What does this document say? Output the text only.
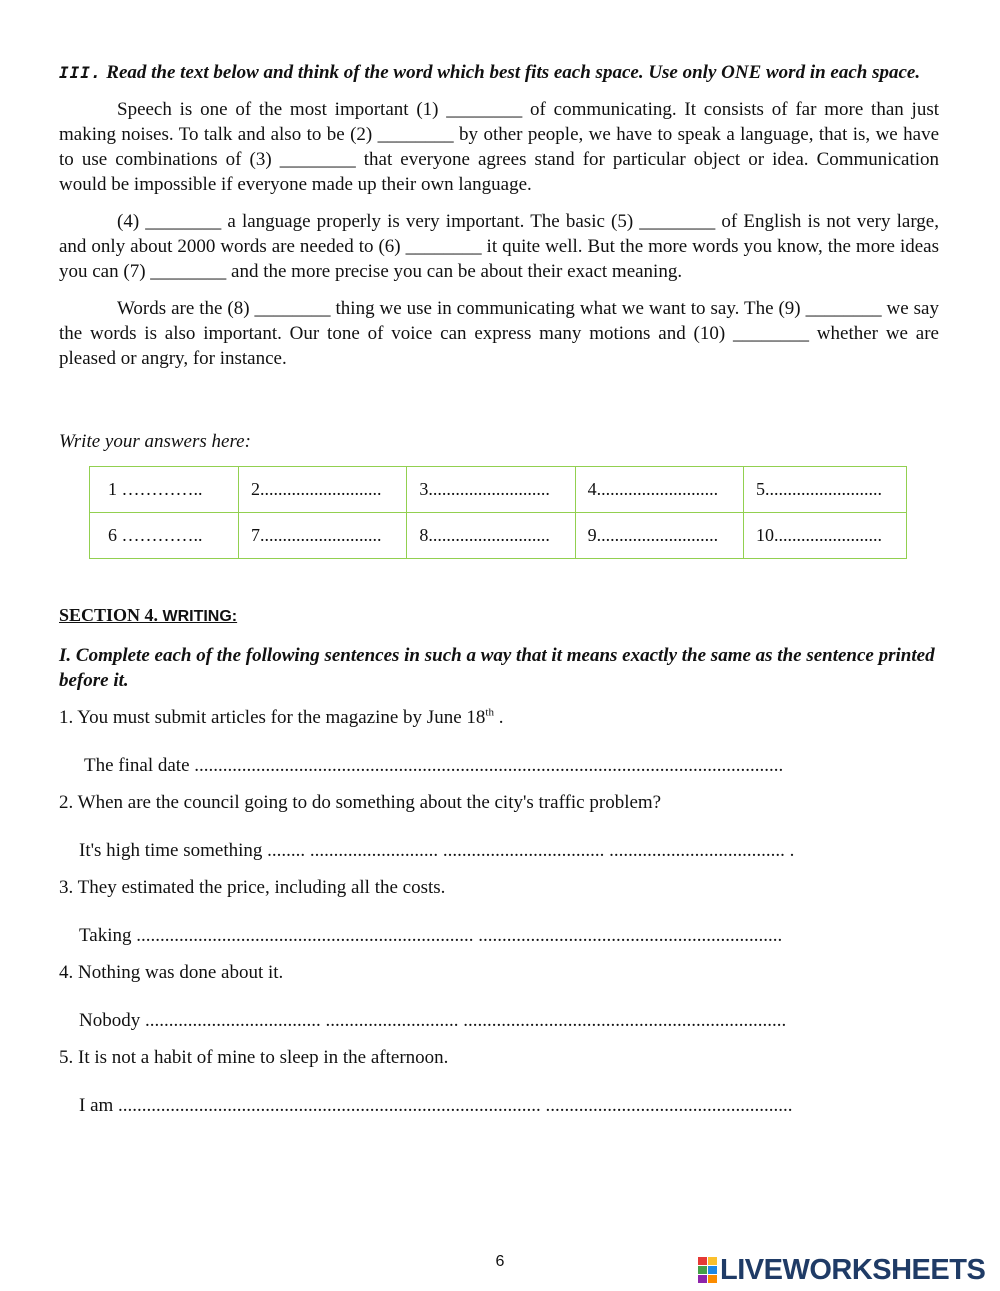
III. Read the text below and think of the word which best fits each space. Use only ONE word in each space.

Speech is one of the most important (1) ________ of communicating. It consists of far more than just making noises. To talk and also to be (2) ________ by other people, we have to speak a language, that is, we have to use combinations of (3) ________ that everyone agrees stand for particular object or idea. Communication would be impossible if everyone made up their own language.

(4) ________ a language properly is very important. The basic (5) ________ of English is not very large, and only about 2000 words are needed to (6) ________ it quite well. But the more words you know, the more ideas you can (7) ________ and the more precise you can be about their exact meaning.

Words are the (8) ________ thing we use in communicating what we want to say. The (9) ________ we say the words is also important. Our tone of voice can express many motions and (10) ________ whether we are pleased or angry, for instance.

Write your answers here:
1 …………..	2...........................	3...........................	4...........................	5..........................
6 …………..	7...........................	8...........................	9...........................	10........................
SECTION 4. WRITING:
I. Complete each of the following sentences in such a way that it means exactly the same as the sentence printed before it.
1. You must submit articles for the magazine by June 18th .
The final date ............................................................................................................................
2. When are the council going to do something about the city's traffic problem?
It's high time something ........ ........................... .................................. ..................................... .
3. They estimated the price, including all the costs.
Taking ....................................................................... ................................................................
4. Nothing was done about it.
Nobody ..................................... ............................ ....................................................................
5. It is not a habit of mine to sleep in the afternoon.
I am ......................................................................................... ....................................................
6	LIVEWORKSHEETS
